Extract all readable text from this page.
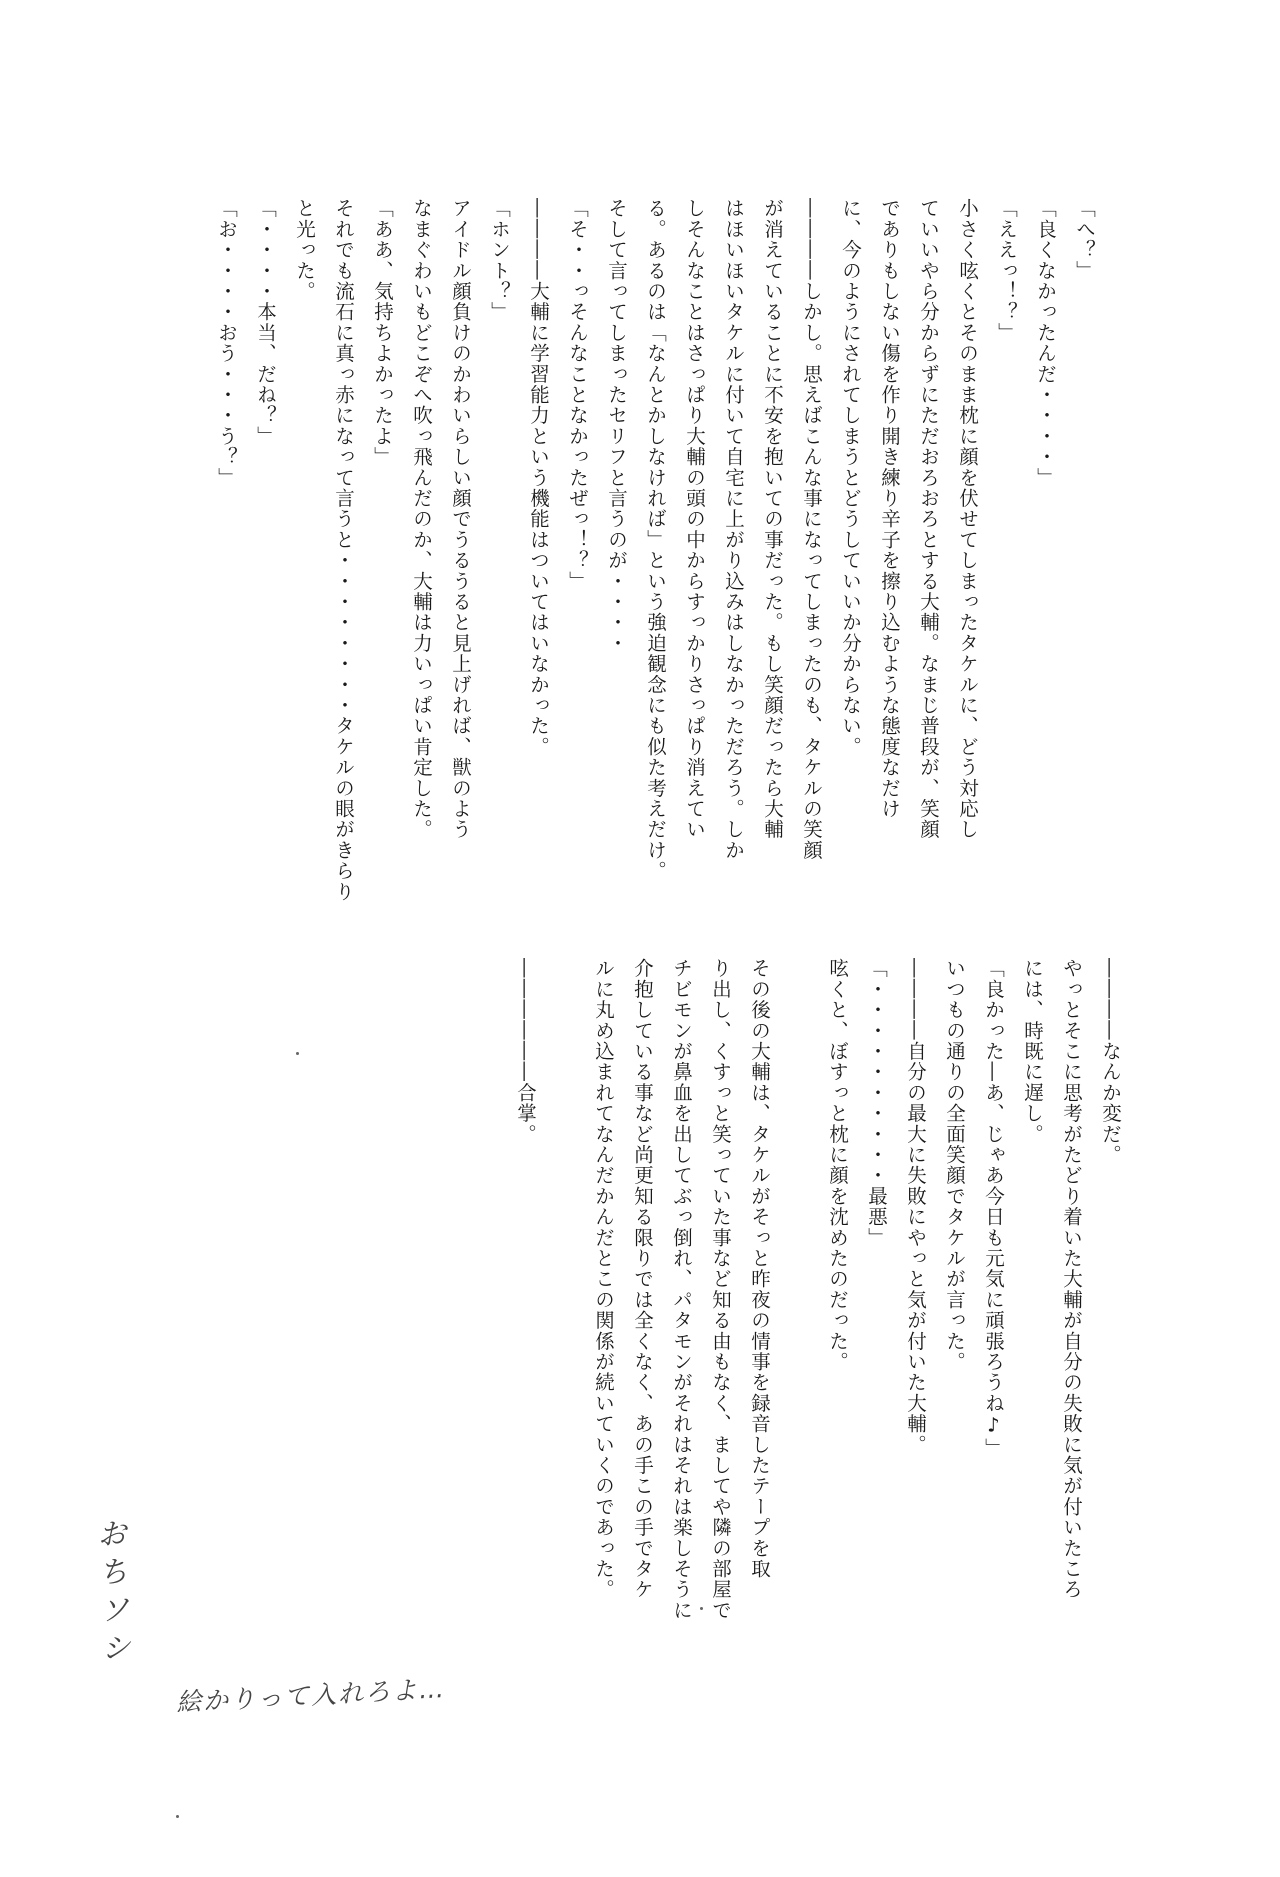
「へ？」

「良くなかったんだ・・・・」

「ええっ！？」

小さく呟くとそのまま枕に顔を伏せてしまったタケルに、どう対応し

ていいやら分からずにただおろおろとする大輔。なまじ普段が、笑顔

でありもしない傷を作り開き練り辛子を擦り込むような態度なだけ

に、今のようにされてしまうとどうしていいか分からない。

――――しかし。思えばこんな事になってしまったのも、タケルの笑顔

が消えていることに不安を抱いての事だった。もし笑顔だったら大輔

はほいほいタケルに付いて自宅に上がり込みはしなかっただろう。しか

しそんなことはさっぱり大輔の頭の中からすっかりさっぱり消えてい

る。あるのは「なんとかしなければ」という強迫観念にも似た考えだけ。

そして言ってしまったセリフと言うのが・・・・

「そ・・っそんなことなかったぜっ！？」

――――大輔に学習能力という機能はついてはいなかった。

「ホント？」

アイドル顔負けのかわいらしい顔でうるうると見上げれば、獣のよう

なまぐわいもどこぞへ吹っ飛んだのか、大輔は力いっぱい肯定した。

「ああ、気持ちよかったよ」

それでも流石に真っ赤になって言うと・・・・・・・・タケルの眼がきらり

と光った。

「・・・・本当、だね？」

「お・・・・おう・・・う？」

――――なんか変だ。

やっとそこに思考がたどり着いた大輔が自分の失敗に気が付いたころ

には、時既に遅し。

「良かった―あ、じゃあ今日も元気に頑張ろうね♪」

いつもの通りの全面笑顔でタケルが言った。

――――自分の最大に失敗にやっと気が付いた大輔。

「・・・・・・・・・・最悪」

呟くと、ぼすっと枕に顔を沈めたのだった。

その後の大輔は、タケルがそっと昨夜の情事を録音したテープを取

り出し、くすっと笑っていた事など知る由もなく、ましてや隣の部屋で

チビモンが鼻血を出してぶっ倒れ、パタモンがそれはそれは楽しそうに

介抱している事など尚更知る限りでは全くなく、あの手この手でタケ

ルに丸め込まれてなんだかんだとこの関係が続いていくのであった。

――――――合掌。

おちソシ
絵かりって入れろよ…
